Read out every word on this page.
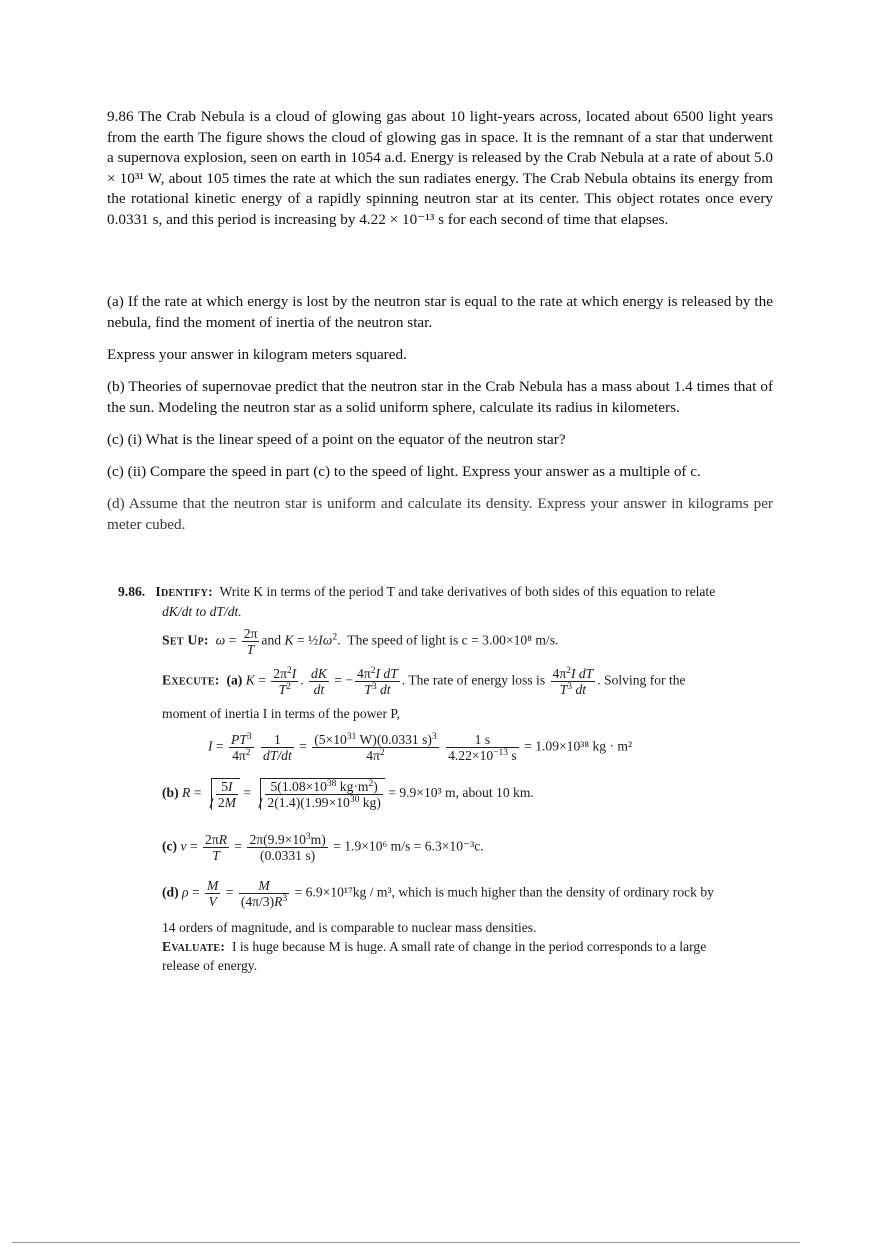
9.86 The Crab Nebula is a cloud of glowing gas about 10 light-years across, located about 6500 light years from the earth The figure shows the cloud of glowing gas in space. It is the remnant of a star that underwent a supernova explosion, seen on earth in 1054 a.d. Energy is released by the Crab Nebula at a rate of about 5.0 × 10³¹ W, about 105 times the rate at which the sun radiates energy. The Crab Nebula obtains its energy from the rotational kinetic energy of a rapidly spinning neutron star at its center. This object rotates once every 0.0331 s, and this period is increasing by 4.22 × 10⁻¹³ s for each second of time that elapses.

(a) If the rate at which energy is lost by the neutron star is equal to the rate at which energy is released by the nebula, find the moment of inertia of the neutron star.

Express your answer in kilogram meters squared.

(b) Theories of supernovae predict that the neutron star in the Crab Nebula has a mass about 1.4 times that of the sun. Modeling the neutron star as a solid uniform sphere, calculate its radius in kilometers.

(c) (i) What is the linear speed of a point on the equator of the neutron star?

(c) (ii) Compare the speed in part (c) to the speed of light. Express your answer as a multiple of c.

(d) Assume that the neutron star is uniform and calculate its density. Express your answer in kilograms per meter cubed.

9.86. Identify: Write K in terms of the period T and take derivatives of both sides of this equation to relate
dK/dt to dT/dt.
Set Up: $\omega = \frac{2\pi}{T}$ and $K = \frac{1}{2}I\omega^2$.  The speed of light is c = 3.00×10⁸ m/s.
Execute: (a) $K = \frac{2\pi^2I}{T^2}$ . $\frac{dK}{dt}$ = − $\frac{4\pi^2I dT}{T^3 dt}$ . The rate of energy loss is $\frac{4\pi^2I dT}{T^3 dt}$ . Solving for the
moment of inertia I in terms of the power P,
$I = \frac{PT^3}{4\pi^2}$
$\frac{1}{dT/dt} = \frac{(5\times 10^{31} W)(0.0331 s)^3}{4\pi^2}$
$\frac{1 s}{4.22\times 10^{-13} s} = 1.09\times 10^{38}$ kg · m²
(b) $R = \frac{5I}{2M} = \frac{5(1.08\times 10^{38} kg\cdot m^2)}{2(1.4)(1.99\times 10^{30} kg)} = 9.9\times 10^3$ m, about 10 km.
(c) $v = \frac{2\pi R}{T} = \frac{2\pi(9.9\times 10^3m)}{(0.0331 s)} = 1.9\times 10^6$ m/s = 6.3×10⁻³c.
(d) $\rho = \frac{M}{V} = \frac{M}{(4\pi/3)R^3} = 6.9\times 10^{17}kg / m^3$, which is much higher than the density of ordinary rock by
14 orders of magnitude, and is comparable to nuclear mass densities.
Evaluate: I is huge because M is huge. A small rate of change in the period corresponds to a large
release of energy.
